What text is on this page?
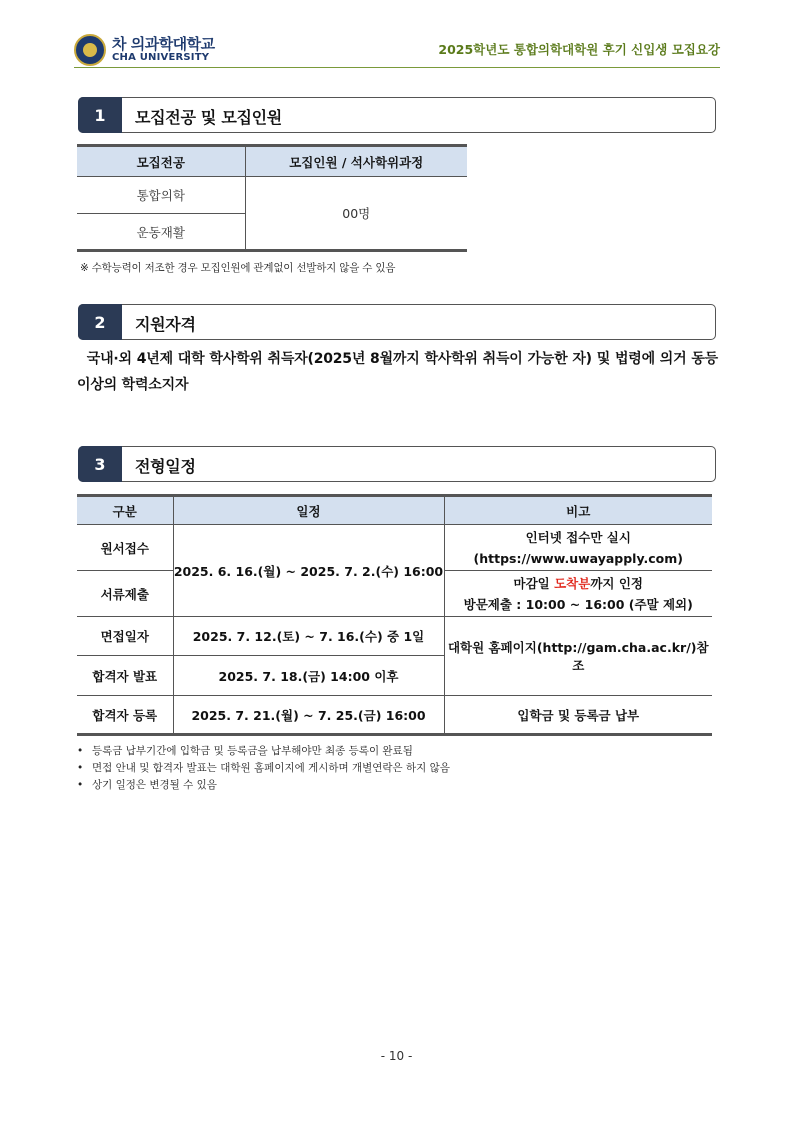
차 의과학대학교
CHA UNIVERSITY
2025학년도 통합의학대학원 후기 신입생 모집요강
1	모집전공 및 모집인원
모집전공	모집인원 / 석사학위과정
통합의학	00명
운동재활	
※ 수학능력이 저조한 경우 모집인원에 관계없이 선발하지 않을 수 있음
2	지원자격
국내·외 4년제 대학 학사학위 취득자(2025년 8월까지 학사학위 취득이 가능한 자) 및 법령에 의거 동등 이상의 학력소지자
3	전형일정
구분	일정	비고
원서접수	2025. 6. 16.(월) ~ 2025. 7. 2.(수) 16:00	인터넷 접수만 실시
(https://www.uwayapply.com)
서류제출		마감일 도착분까지 인정
방문제출 : 10:00 ~ 16:00 (주말 제외)
면접일자	2025. 7. 12.(토) ~ 7. 16.(수) 중 1일	대학원 홈페이지(http://gam.cha.ac.kr/)참조
합격자 발표	2025. 7. 18.(금) 14:00 이후	
합격자 등록	2025. 7. 21.(월) ~ 7. 25.(금) 16:00	입학금 및 등록금 납부
• 등록금 납부기간에 입학금 및 등록금을 납부해야만 최종 등록이 완료됨
• 면접 안내 및 합격자 발표는 대학원 홈페이지에 게시하며 개별연락은 하지 않음
• 상기 일정은 변경될 수 있음
- 10 -
